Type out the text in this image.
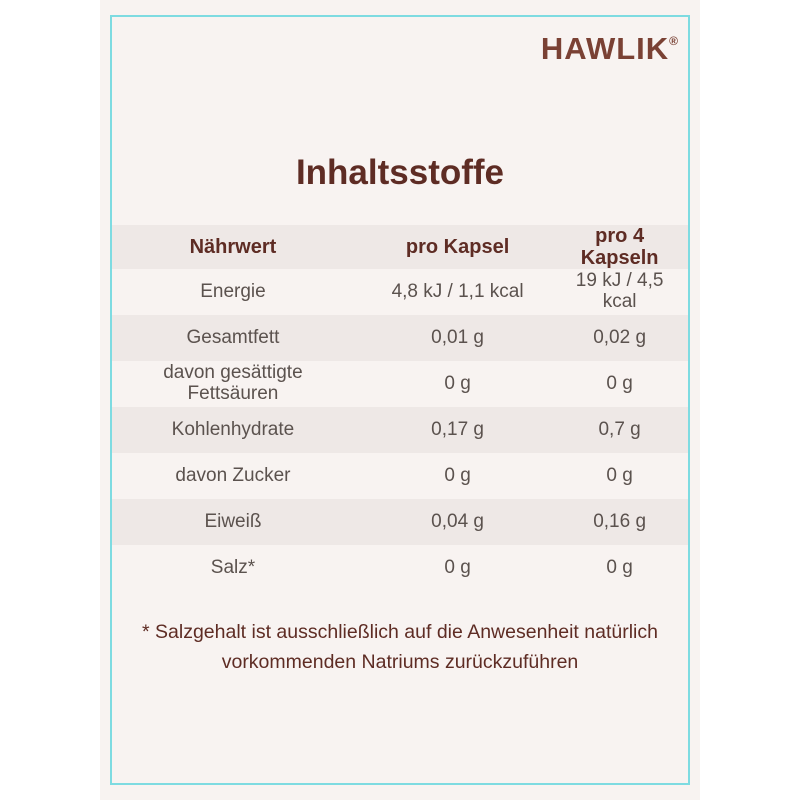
HAWLIK®
Inhaltsstoffe
Nährwert	pro Kapsel	pro 4 Kapseln
Energie	4,8 kJ / 1,1 kcal	19 kJ / 4,5 kcal
Gesamtfett	0,01 g	0,02 g
davon gesättigte Fettsäuren	0 g	0 g
Kohlenhydrate	0,17 g	0,7 g
davon Zucker	0 g	0 g
Eiweiß	0,04 g	0,16 g
Salz*	0 g	0 g
* Salzgehalt ist ausschließlich auf die Anwesenheit natürlich
vorkommenden Natriums zurückzuführen
